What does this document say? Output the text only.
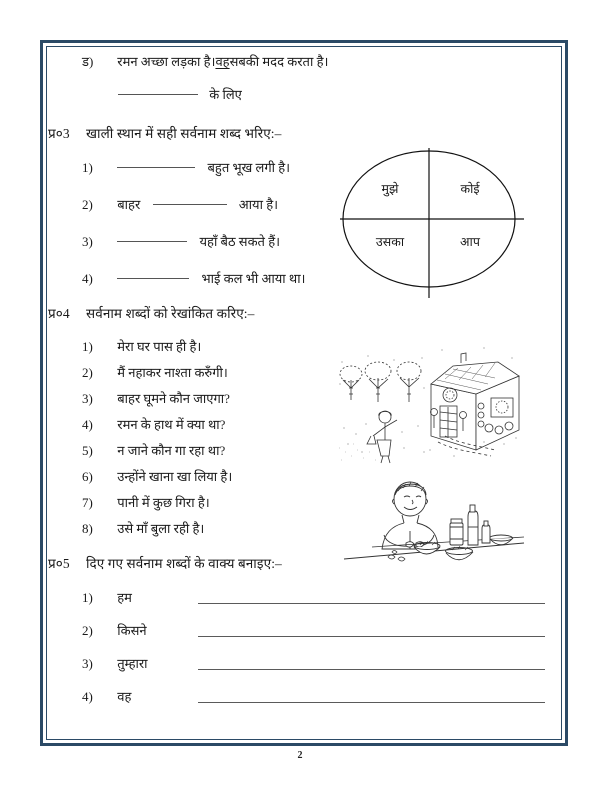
ड) रमन अच्छा लड़का है।वहसबकी मदद करता है।
के लिए
प्र०3 खाली स्थान में सही सर्वनाम शब्द भरिए:–
1)	बहुत भूख लगी है।
2) बाहर	आया है।
3)	यहाँ बैठ सकते हैं।
4)	भाई कल भी आया था।
मुझे	कोई
उसका	आप
प्र०4 सर्वनाम शब्दों को रेखांकित करिए:–
1) मेरा घर पास ही है।
2) मैं नहाकर नाश्ता करुँगी।
3) बाहर घूमने कौन जाएगा?
4) रमन के हाथ में क्या था?
5) न जाने कौन गा रहा था?
6) उन्होंने खाना खा लिया है।
7) पानी में कुछ गिरा है।
8) उसे माँ बुला रही है।
प्र०5 दिए गए सर्वनाम शब्दों के वाक्य बनाइए:–
1) हम
2) किसने
3) तुम्हारा
4) वह
2
